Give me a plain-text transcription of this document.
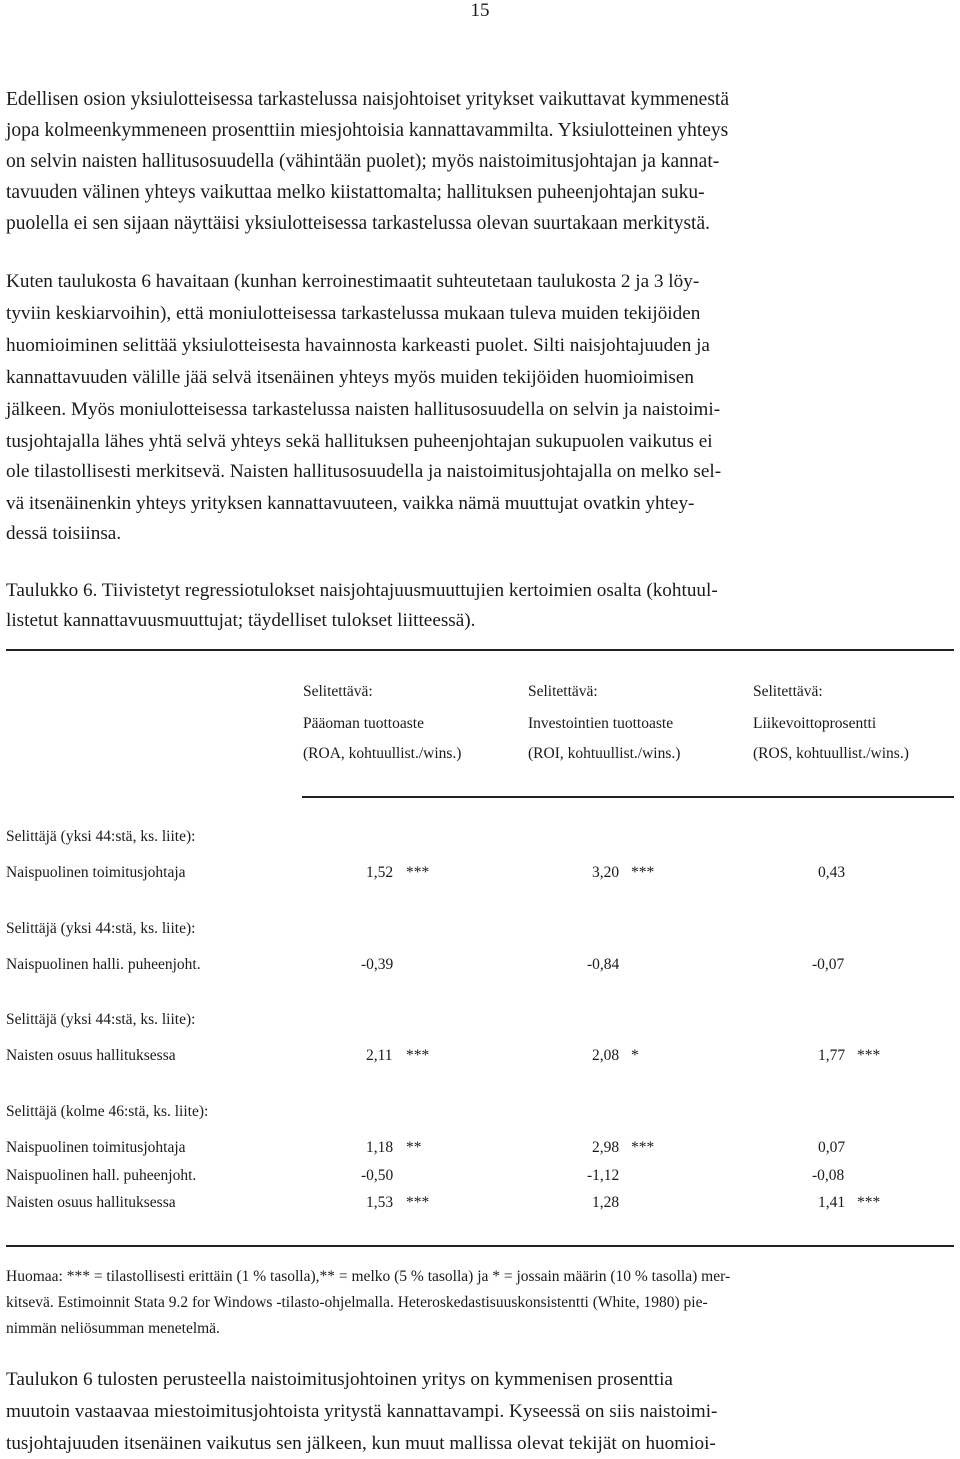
15
Edellisen osion yksiulotteisessa tarkastelussa naisjohtoiset yritykset vaikuttavat kymmenestä
jopa kolmeenkymmeneen prosenttiin miesjohtoisia kannattavammilta. Yksiulotteinen yhteys
on selvin naisten hallitusosuudella (vähintään puolet); myös naistoimitusjohtajan ja kannat-
tavuuden välinen yhteys vaikuttaa melko kiistattomalta; hallituksen puheenjohtajan suku-
puolella ei sen sijaan näyttäisi yksiulotteisessa tarkastelussa olevan suurtakaan merkitystä.
Kuten taulukosta 6 havaitaan (kunhan kerroinestimaatit suhteutetaan taulukosta 2 ja 3 löy-
tyviin keskiarvoihin), että moniulotteisessa tarkastelussa mukaan tuleva muiden tekijöiden
huomioiminen selittää yksiulotteisesta havainnosta karkeasti puolet. Silti naisjohtajuuden ja
kannattavuuden välille jää selvä itsenäinen yhteys myös muiden tekijöiden huomioimisen
jälkeen. Myös moniulotteisessa tarkastelussa naisten hallitusosuudella on selvin ja naistoimi-
tusjohtajalla lähes yhtä selvä yhteys sekä hallituksen puheenjohtajan sukupuolen vaikutus ei
ole tilastollisesti merkitsevä. Naisten hallitusosuudella ja naistoimitusjohtajalla on melko sel-
vä itsenäinenkin yhteys yrityksen kannattavuuteen, vaikka nämä muuttujat ovatkin yhtey-
dessä toisiinsa.
Taulukko 6. Tiivistetyt regressiotulokset naisjohtajuusmuuttujien kertoimien osalta (kohtuul-
listetut kannattavuusmuuttujat; täydelliset tulokset liitteessä).
Selitettävä:
Pääoman tuottoaste
(ROA, kohtuullist./wins.)
Selitettävä:
Investointien tuottoaste
(ROI, kohtuullist./wins.)
Selitettävä:
Liikevoittoprosentti
(ROS, kohtuullist./wins.)
Selittäjä (yksi 44:stä, ks. liite):
Naispuolinen toimitusjohtaja	1,52 ***	3,20 ***	0,43
Selittäjä (yksi 44:stä, ks. liite):
Naispuolinen halli. puheenjoht.	-0,39	-0,84	-0,07
Selittäjä (yksi 44:stä, ks. liite):
Naisten osuus hallituksessa	2,11 ***	2,08 *	1,77 ***
Selittäjä (kolme 46:stä, ks. liite):
Naispuolinen toimitusjohtaja	1,18 **	2,98 ***	0,07
Naispuolinen hall. puheenjoht.	-0,50	-1,12	-0,08
Naisten osuus hallituksessa	1,53 ***	1,28	1,41 ***
Huomaa: *** = tilastollisesti erittäin (1 % tasolla),** = melko (5 % tasolla) ja * = jossain määrin (10 % tasolla) mer-
kitsevä. Estimoinnit Stata 9.2 for Windows -tilasto-ohjelmalla. Heteroskedastisuuskonsistentti (White, 1980) pie-
nimmän neliösumman menetelmä.
Taulukon 6 tulosten perusteella naistoimitusjohtoinen yritys on kymmenisen prosenttia
muutoin vastaavaa miestoimitusjohtoista yritystä kannattavampi. Kyseessä on siis naistoimi-
tusjohtajuuden itsenäinen vaikutus sen jälkeen, kun muut mallissa olevat tekijät on huomioi-
